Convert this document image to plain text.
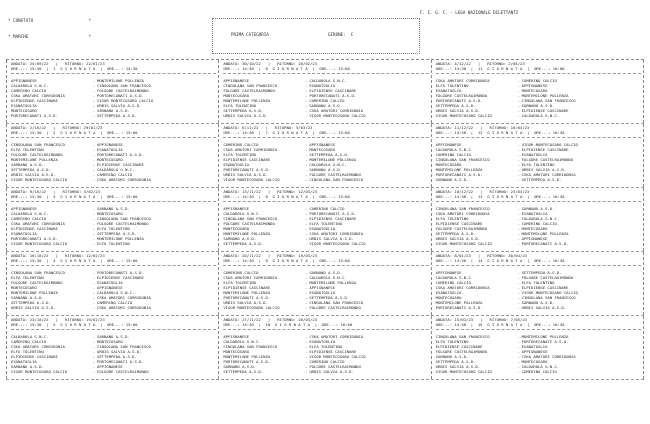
* CONSTATO                      *

* MARCHE                        *

F. I. G. C. - LEGA NAZIONALE DILETTANTI
PRIMA CATEGORIA	GIRONE:  C
ANDATA: 25/09/22   |   RITORNO: 22/01/23
ORE...: 15:30  |  1  G I O R N A T A  |  ORE...: 14:30
APPIGNANESE	- MONTEMILONE POLLENZA
CALDAROLA G.N.C.	- CINGOLANA SAN FRANCESCO
CAMERINO CALCIO	- FOLGORE CASTELRAIMONDO
CSKA AMATORI CORRIDONIA	- PORTORECANATI A.S.D.
ELPIDIENSE CASCINARE	- VIGOR MONTECOSARO CALCIO
ESANATOGLIA	- URBIS SALVIA A.S.D.
MONTECOSARO	- SARNANO A.S.D.
PORTORECANATI A.S.D.	- SETTEMPEDA A.S.D.
ANDATA: 30/10/22   |   RITORNO: 26/02/23
ORE...: 14:30  |  6  G I O R N A T A  |  ORE...: 15:00
APPIGNANESE	- CALDAROLA G.N.C.
CINGOLANA SAN FRANCESCO	- ESANATOGLIA
FOLGORE CASTELRAIMONDO	- ELPIDIENSE CASCINARE
MONTECOSARO	- PORTORECANATI A.S.D.
MONTEMILONE POLLENZA	- CAMERINO CALCIO
ELFA TOLENTINO	- SARNANO A.S.D.
SETTEMPEDA A.S.D.	- CSKA AMATORI CORRIDONIA
URBIS SALVIA A.S.D.	- VIGOR MONTECOSARO CALCIO
ANDATA: 4/12/22   |   RITORNO: 2/04/23
ORE...: 14:30  |  11  G I O R N A T A  |  ORE...: 16:00
CSKA AMATORI CORRIDONIA	- CAMERINO CALCIO
ELFA TOLENTINO	- APPIGNANESE
ESANATOGLIA	- MONTECOSARO
FOLGORE CASTELRAIMONDO	- MONTEMILONE POLLENZA
PORTORECANATI A.S.D.	- CINGOLANA SAN FRANCESCO
SETTEMPEDA A.S.D.	- SARNANO A.S.D.
URBIS SALVIA A.S.D.	- ELPIDIENSE CASCINARE
VIGOR MONTECOSARO CALCIO	- CALDAROLA G.N.C.
ANDATA: 2/10/22   |   RITORNO: 29/01/23
ORE...: 15:30  |  2  G I O R N A T A  |  ORE...: 15:00
CINGOLANA SAN FRANCESCO	- APPIGNANESE
ELFA TOLENTINO	- ESANATOGLIA
FOLGORE CASTELRAIMONDO	- PORTORECANATI A.S.D.
MONTEMILONE POLLENZA	- MONTECOSARO
SARNANO A.S.D.	- ELPIDIENSE CASCINARE
SETTEMPEDA A.S.D.	- CALDAROLA G.N.C.
URBIS SALVIA A.S.D.	- CAMERINO CALCIO
VIGOR MONTECOSARO CALCIO	- CSKA AMATORI CORRIDONIA
ANDATA: 6/11/22   |   RITORNO: 5/03/23
ORE...: 14:30  |  7  G I O R N A T A  |  ORE...: 15:00
CAMERINO CALCIO	- APPIGNANESE
CSKA AMATORI CORRIDONIA	- MONTECOSARO
ELFA TOLENTINO	- SETTEMPEDA A.S.D.
ELPIDIENSE CASCINARE	- MONTEMILONE POLLENZA
ESANATOGLIA	- CALDAROLA G.N.C.
PORTORECANATI A.S.D.	- SARNANO A.S.D.
URBIS SALVIA A.S.D.	- FOLGORE CASTELRAIMONDO
VIGOR MONTECOSARO CALCIO	- CINGOLANA SAN FRANCESCO
ANDATA: 11/12/22   |   RITORNO: 16/04/23
ORE...: 14:30  |  12  G I O R N A T A  |  ORE...: 16:30
APPIGNANESE	- VIGOR MONTECOSARO CALCIO
CALDAROLA G.N.C.	- ELPIDIENSE CASCINARE
CAMERINO CALCIO	- ESANATOGLIA
CINGOLANA SAN FRANCESCO	- FOLGORE CASTELRAIMONDO
MONTECOSARO	- ELFA TOLENTINO
MONTEMILONE POLLENZA	- URBIS SALVIA A.S.D.
PORTORECANATI A.S.D.	- CSKA AMATORI CORRIDONIA
SARNANO A.S.D.	- SETTEMPEDA A.S.D.
ANDATA: 9/10/22   |   RITORNO: 5/02/23
ORE...: 15:30  |  3  G I O R N A T A  |  ORE...: 15:00
APPIGNANESE	- SARNANO A.S.D.
CALDAROLA G.N.C.	- MONTECOSARO
CAMERINO CALCIO	- CINGOLANA SAN FRANCESCO
CSKA AMATORI CORRIDONIA	- FOLGORE CASTELRAIMONDO
ELPIDIENSE CASCINARE	- ELFA TOLENTINO
ESANATOGLIA	- SETTEMPEDA A.S.D.
PORTORECANATI A.S.D.	- MONTEMILONE POLLENZA
VIGOR MONTECOSARO CALCIO	- ELFA TOLENTINO
ANDATA: 13/11/22   |   RITORNO: 12/03/23
ORE...: 14:30  |  8  G I O R N A T A  |  ORE...: 15:00
APPIGNANESE	- CAMERINO CALCIO
CALDAROLA G.N.C.	- PORTORECANATI A.S.D.
CINGOLANA SAN FRANCESCO	- ELPIDIENSE CASCINARE
FOLGORE CASTELRAIMONDO	- ELFA TOLENTINO
MONTECOSARO	- ESANATOGLIA
MONTEMILONE POLLENZA	- CSKA AMATORI CORRIDONIA
SARNANO A.S.D.	- URBIS SALVIA A.S.D.
SETTEMPEDA A.S.D.	- VIGOR MONTECOSARO CALCIO
ANDATA: 18/12/22   |   RITORNO: 23/04/23
ORE...: 14:30  |  13  G I O R N A T A  |  ORE...: 16:30
CINGOLANA SAN FRANCESCO	- SARNANO A.S.D.
CSKA AMATORI CORRIDONIA	- ESANATOGLIA
ELFA TOLENTINO	- CALDAROLA G.N.C.
ELPIDIENSE CASCINARE	- CAMERINO CALCIO
FOLGORE CASTELRAIMONDO	- MONTECOSARO
SETTEMPEDA A.S.D.	- MONTEMILONE POLLENZA
URBIS SALVIA A.S.D.	- APPIGNANESE
VIGOR MONTECOSARO CALCIO	- PORTORECANATI A.S.D.
ANDATA: 16/10/22   |   RITORNO: 12/02/23
ORE...: 15:30  |  4  G I O R N A T A  |  ORE...: 15:00
CINGOLANA SAN FRANCESCO	- PORTORECANATI A.S.D.
ELFA TOLENTINO	- ELPIDIENSE CASCINARE
FOLGORE CASTELRAIMONDO	- ESANATOGLIA
MONTECOSARO	- APPIGNANESE
MONTEMILONE POLLENZA	- CALDAROLA G.N.C.
SARNANO A.S.D.	- CSKA AMATORI CORRIDONIA
SETTEMPEDA A.S.D.	- CAMERINO CALCIO
URBIS SALVIA A.S.D.	- CSKA AMATORI CORRIDONIA
ANDATA: 20/11/22   |   RITORNO: 19/03/23
ORE...: 14:30  |  9  G I O R N A T A  |  ORE...: 15:00
CAMERINO CALCIO	- SARNANO A.S.D.
CSKA AMATORI CORRIDONIA	- CALDAROLA G.N.C.
ELFA TOLENTINO	- MONTEMILONE POLLENZA
ELPIDIENSE CASCINARE	- APPIGNANESE
MONTEMILONE POLLENZA	- ESANATOGLIA
PORTORECANATI A.S.D.	- SETTEMPEDA A.S.D.
URBIS SALVIA A.S.D.	- CINGOLANA SAN FRANCESCO
VIGOR MONTECOSARO CALCIO	- FOLGORE CASTELRAIMONDO
ANDATA: 8/01/23   |   RITORNO: 30/04/23
ORE...: 14:30  |  14  G I O R N A T A  |  ORE...: 16:30
APPIGNANESE	- SETTEMPEDA A.S.D.
CALDAROLA G.N.C.	- FOLGORE CASTELRAIMONDO
CAMERINO CALCIO	- ELFA TOLENTINO
CSKA AMATORI CORRIDONIA	- ELPIDIENSE CASCINARE
ESANATOGLIA	- VIGOR MONTECOSARO CALCIO
MONTECOSARO	- CINGOLANA SAN FRANCESCO
MONTEMILONE POLLENZA	- SARNANO A.S.D.
PORTORECANATI A.S.D.	- URBIS SALVIA A.S.D.
ANDATA: 23/10/22   |   RITORNO: 19/02/23
ORE...: 15:30  |  5  G I O R N A T A  |  ORE...: 15:00
CALDAROLA G.N.C.	- SARNANO A.S.D.
CAMERINO CALCIO	- MONTECOSARO
CSKA AMATORI CORRIDONIA	- CINGOLANA SAN FRANCESCO
ELFA TOLENTINO	- URBIS SALVIA A.S.D.
ELPIDIENSE CASCINARE	- SETTEMPEDA A.S.D.
ESANATOGLIA	- PORTORECANATI A.S.D.
SARNANO A.S.D.	- APPIGNANESE
VIGOR MONTECOSARO CALCIO	- FOLGORE CASTELRAIMONDO
ANDATA: 27/11/22   |   RITORNO: 26/03/23
ORE...: 14:30  |  10  G I O R N A T A  |  ORE...: 16:00
APPIGNANESE	- CSKA AMATORI CORRIDONIA
CALDAROLA G.N.C.	- ESANATOGLIA
CINGOLANA SAN FRANCESCO	- ELFA TOLENTINO
MONTECOSARO	- ELPIDIENSE CASCINARE
MONTEMILONE POLLENZA	- VIGOR MONTECOSARO CALCIO
PORTORECANATI A.S.D.	- CAMERINO CALCIO
SARNANO A.S.D.	- FOLGORE CASTELRAIMONDO
SETTEMPEDA A.S.D.	- URBIS SALVIA A.S.D.
ANDATA: 15/01/23   |   RITORNO: 7/05/23
ORE...: 14:30  |  15  G I O R N A T A  |  ORE...: 16:30
CINGOLANA SAN FRANCESCO	- MONTEMILONE POLLENZA
ELFA TOLENTINO	- PORTORECANATI A.S.D.
ELPIDIENSE CASCINARE	- ESANATOGLIA
FOLGORE CASTELRAIMONDO	- APPIGNANESE
SARNANO A.S.D.	- CSKA AMATORI CORRIDONIA
SETTEMPEDA A.S.D.	- MONTECOSARO
URBIS SALVIA A.S.D.	- CALDAROLA G.N.C.
VIGOR MONTECOSARO CALCIO	- CAMERINO CALCIO
